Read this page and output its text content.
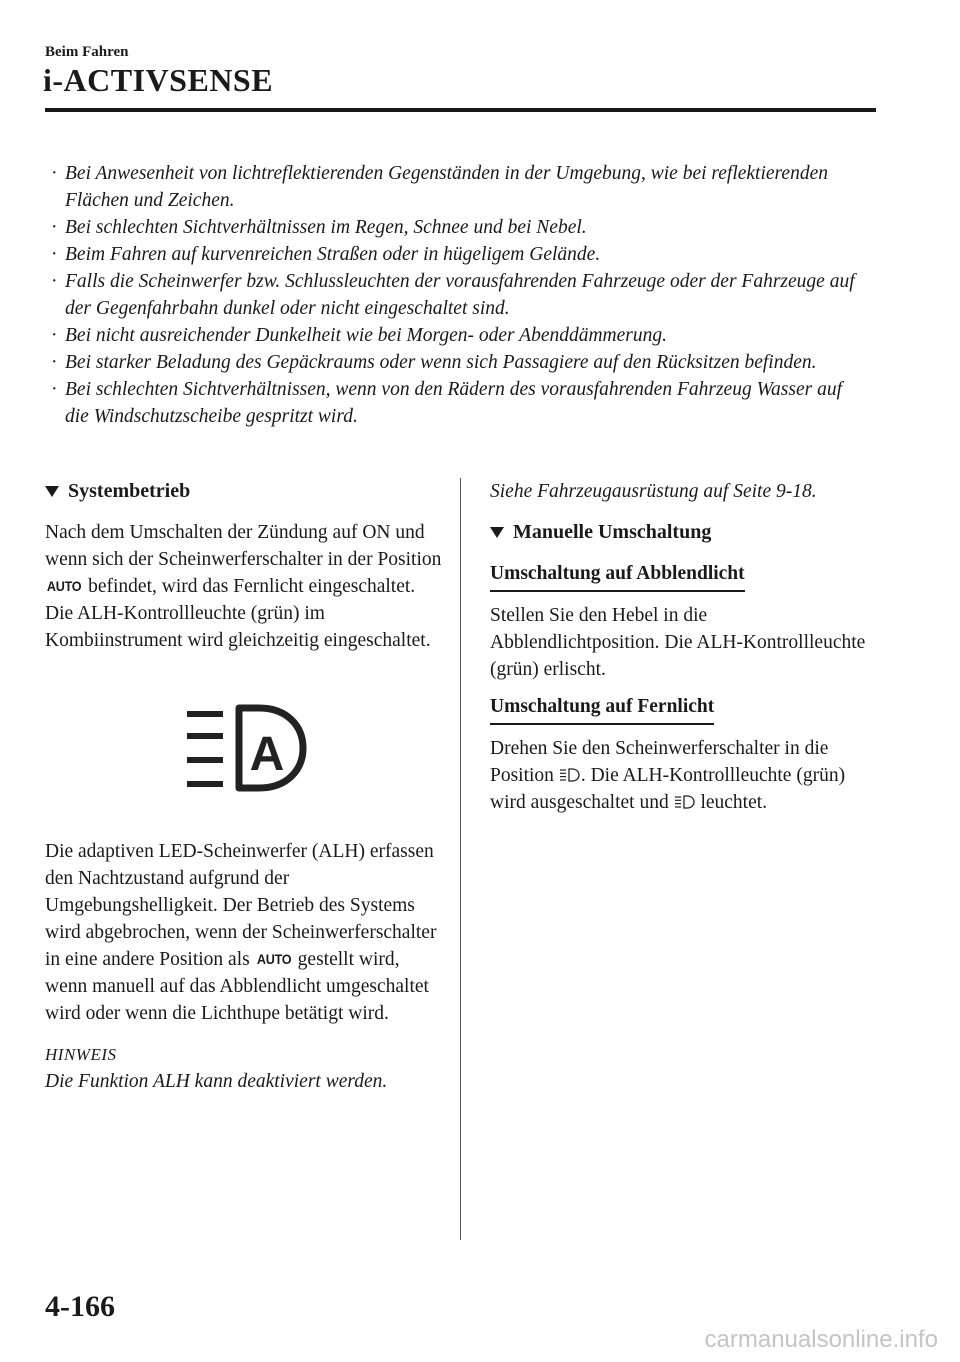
Beim Fahren
i-ACTIVSENSE
· Bei Anwesenheit von lichtreflektierenden Gegenständen in der Umgebung, wie bei reflektierenden Flächen und Zeichen.
· Bei schlechten Sichtverhältnissen im Regen, Schnee und bei Nebel.
· Beim Fahren auf kurvenreichen Straßen oder in hügeligem Gelände.
· Falls die Scheinwerfer bzw. Schlussleuchten der vorausfahrenden Fahrzeuge oder der Fahrzeuge auf der Gegenfahrbahn dunkel oder nicht eingeschaltet sind.
· Bei nicht ausreichender Dunkelheit wie bei Morgen- oder Abenddämmerung.
· Bei starker Beladung des Gepäckraums oder wenn sich Passagiere auf den Rücksitzen befinden.
· Bei schlechten Sichtverhältnissen, wenn von den Rädern des vorausfahrenden Fahrzeug Wasser auf die Windschutzscheibe gespritzt wird.
Systembetrieb

Nach dem Umschalten der Zündung auf ON und wenn sich der Scheinwerferschalter in der Position AUTO befindet, wird das Fernlicht eingeschaltet. Die ALH-Kontrollleuchte (grün) im Kombiinstrument wird gleichzeitig eingeschaltet.

A

Die adaptiven LED-Scheinwerfer (ALH) erfassen den Nachtzustand aufgrund der Umgebungshelligkeit. Der Betrieb des Systems wird abgebrochen, wenn der Scheinwerferschalter in eine andere Position als AUTO gestellt wird, wenn manuell auf das Abblendlicht umgeschaltet wird oder wenn die Lichthupe betätigt wird.

HINWEIS

Die Funktion ALH kann deaktiviert werden.

Siehe Fahrzeugausrüstung auf Seite 9-18.

Manuelle Umschaltung
Umschaltung auf Abblendlicht

Stellen Sie den Hebel in die Abblendlichtposition. Die ALH-Kontrollleuchte (grün) erlischt.

Umschaltung auf Fernlicht

Drehen Sie den Scheinwerferschalter in die Position . Die ALH-Kontrollleuchte (grün) wird ausgeschaltet und leuchtet.

4-166
carmanualsonline.info
